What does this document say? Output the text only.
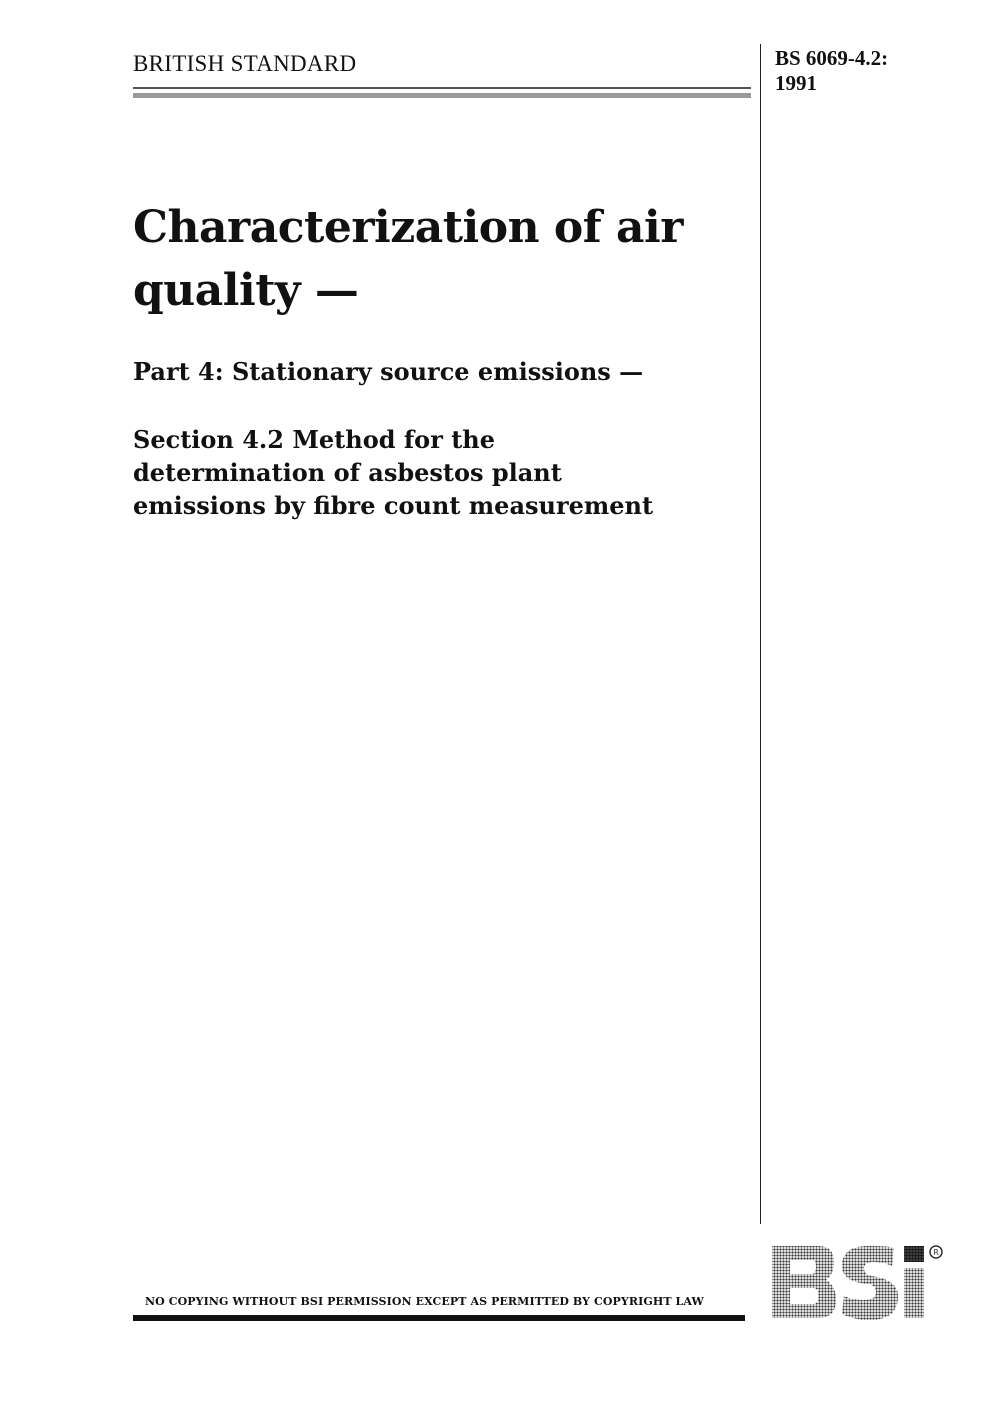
BRITISH STANDARD	BS 6069-4.2:
1991
Characterization of air quality —
Part 4: Stationary source emissions —
Section 4.2 Method for the
determination of asbestos plant
emissions by fibre count measurement
NO COPYING WITHOUT BSI PERMISSION EXCEPT AS PERMITTED BY COPYRIGHT LAW
R
